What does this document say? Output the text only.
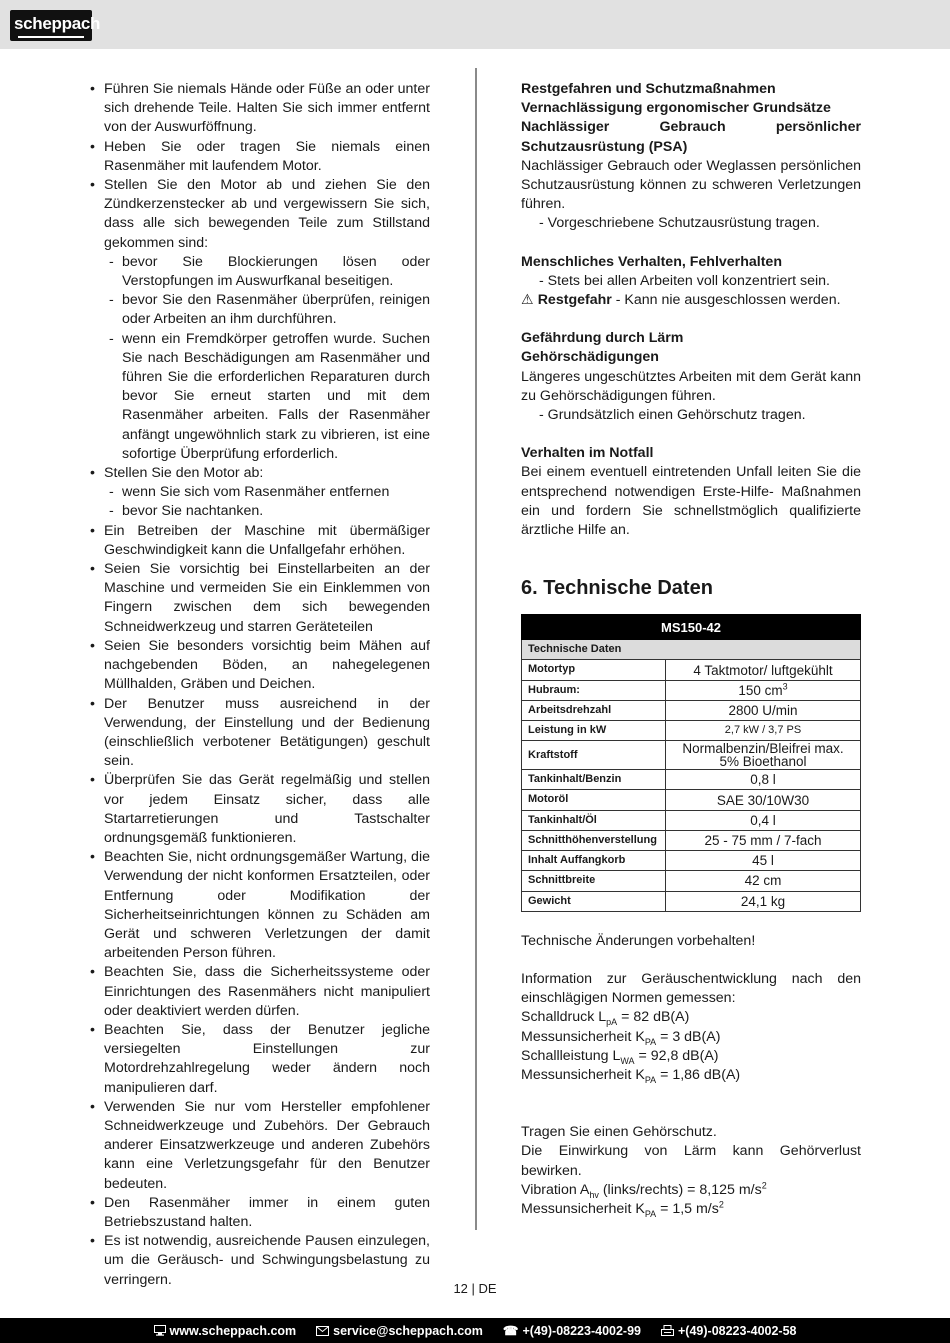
scheppach
• Führen Sie niemals Hände oder Füße an oder unter sich drehende Teile. Halten Sie sich immer entfernt von der Auswurföffnung.
• Heben Sie oder tragen Sie niemals einen Rasenmäher mit laufendem Motor.
• Stellen Sie den Motor ab und ziehen Sie den Zündkerzenstecker ab und vergewissern Sie sich, dass alle sich bewegenden Teile zum Stillstand gekommen sind:
- bevor Sie Blockierungen lösen oder Verstopfungen im Auswurfkanal beseitigen.
- bevor Sie den Rasenmäher überprüfen, reinigen oder Arbeiten an ihm durchführen.
- wenn ein Fremdkörper getroffen wurde. Suchen Sie nach Beschädigungen am Rasenmäher und führen Sie die erforderlichen Reparaturen durch bevor Sie erneut starten und mit dem Rasenmäher arbeiten. Falls der Rasenmäher anfängt ungewöhnlich stark zu vibrieren, ist eine sofortige Überprüfung erforderlich.
• Stellen Sie den Motor ab:
- wenn Sie sich vom Rasenmäher entfernen
- bevor Sie nachtanken.
• Ein Betreiben der Maschine mit übermäßiger Geschwindigkeit kann die Unfallgefahr erhöhen.
• Seien Sie vorsichtig bei Einstellarbeiten an der Maschine und vermeiden Sie ein Einklemmen von Fingern zwischen dem sich bewegenden Schneidwerkzeug und starren Geräteteilen
• Seien Sie besonders vorsichtig beim Mähen auf nachgebenden Böden, an nahegelegenen Müllhalden, Gräben und Deichen.
• Der Benutzer muss ausreichend in der Verwendung, der Einstellung und der Bedienung (einschließlich verbotener Betätigungen) geschult sein.
• Überprüfen Sie das Gerät regelmäßig und stellen vor jedem Einsatz sicher, dass alle Startarretierungen und Tastschalter ordnungsgemäß funktionieren.
• Beachten Sie, nicht ordnungsgemäßer Wartung, die Verwendung der nicht konformen Ersatzteilen, oder Entfernung oder Modifikation der Sicherheitseinrichtungen können zu Schäden am Gerät und schweren Verletzungen der damit arbeitenden Person führen.
• Beachten Sie, dass die Sicherheitssysteme oder Einrichtungen des Rasenmähers nicht manipuliert oder deaktiviert werden dürfen.
• Beachten Sie, dass der Benutzer jegliche versiegelten Einstellungen zur Motordrehzahlregelung weder ändern noch manipulieren darf.
• Verwenden Sie nur vom Hersteller empfohlener Schneidwerkzeuge und Zubehörs. Der Gebrauch anderer Einsatzwerkzeuge und anderen Zubehörs kann eine Verletzungsgefahr für den Benutzer bedeuten.
• Den Rasenmäher immer in einem guten Betriebszustand halten.
• Es ist notwendig, ausreichende Pausen einzulegen, um die Geräusch- und Schwingungsbelastung zu verringern.
Restgefahren und Schutzmaßnahmen
Vernachlässigung ergonomischer Grundsätze
Nachlässiger Gebrauch persönlicher Schutzausrüstung (PSA)
Nachlässiger Gebrauch oder Weglassen persönlichen Schutzausrüstung können zu schweren Verletzungen führen.
- Vorgeschriebene Schutzausrüstung tragen.
Menschliches Verhalten, Fehlverhalten
- Stets bei allen Arbeiten voll konzentriert sein.
⚠ Restgefahr - Kann nie ausgeschlossen werden.
Gefährdung durch Lärm
Gehörschädigungen
Längeres ungeschütztes Arbeiten mit dem Gerät kann zu Gehörschädigungen führen.
- Grundsätzlich einen Gehörschutz tragen.
Verhalten im Notfall
Bei einem eventuell eintretenden Unfall leiten Sie die entsprechend notwendigen Erste-Hilfe- Maßnahmen ein und fordern Sie schnellstmöglich qualifizierte ärztliche Hilfe an.
6. Technische Daten
MS150-42	
Technische Daten	
Motortyp	4 Taktmotor/ luftgekühlt
Hubraum:	150 $cm^3$
Arbeitsdrehzahl	2800 U/min
Leistung in kW	2,7 kW / 3,7 PS
Kraftstoff	Normalbenzin/Bleifrei max.
5% Bioethanol
Tankinhalt/Benzin	0,8 l
Motoröl	SAE 30/10W30
Tankinhalt/Öl	0,4 l
Schnitthöhenverstellung	25 - 75 mm / 7-fach
Inhalt Auffangkorb	45 l
Schnittbreite	42 cm
Gewicht	24,1 kg
Technische Änderungen vorbehalten!
Information zur Geräuschentwicklung nach den einschlägigen Normen gemessen:
Schalldruck $L_{pA} = 82$ dB(A)
Messunsicherheit $K_{PA} = 3$ dB(A)
Schallleistung $L_{WA} = 92,8$ dB(A)
Messunsicherheit $K_{PA} = 1,86$ dB(A)
Tragen Sie einen Gehörschutz.
Die Einwirkung von Lärm kann Gehörverlust bewirken.
Vibration $A_{hv}$ (links/rechts) = 8,125 $m/s^2$
Messunsicherheit $K_{PA} = 1,5$ $m/s^2$
12 | DE
www.scheppach.com	service@scheppach.com ☎ +(49)-08223-4002-99	+(49)-08223-4002-58
